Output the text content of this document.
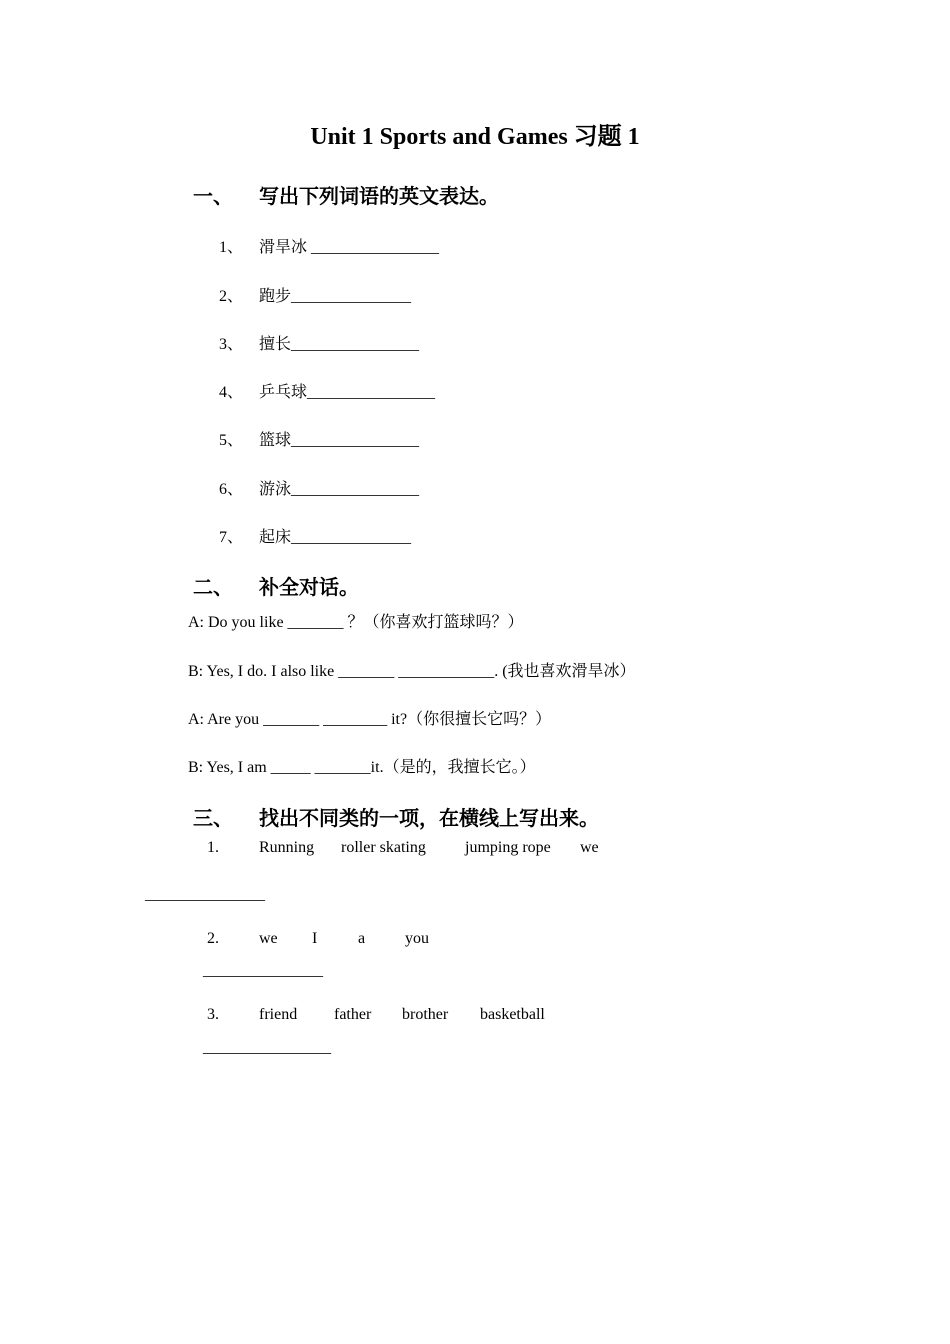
Unit 1 Sports and Games 习题 1
一、 写出下列词语的英文表达。
1、 滑旱冰 ________________
2、 跑步_______________
3、 擅长________________
4、 乒乓球________________
5、 篮球________________
6、 游泳________________
7、 起床_______________
二、 补全对话。
A: Do you like _______ ？（你喜欢打篮球吗？）
B: Yes, I do. I also like _______ ____________. (我也喜欢滑旱冰）
A: Are you _______ ________ it?（你很擅长它吗？）
B: Yes, I am _____ _______it.（是的，我擅长它。）
三、 找出不同类的一项，在横线上写出来。
1.	Running roller skating jumping rope we
_______________
2.	we I	a you
_______________
3.	friend father brother basketball
________________
